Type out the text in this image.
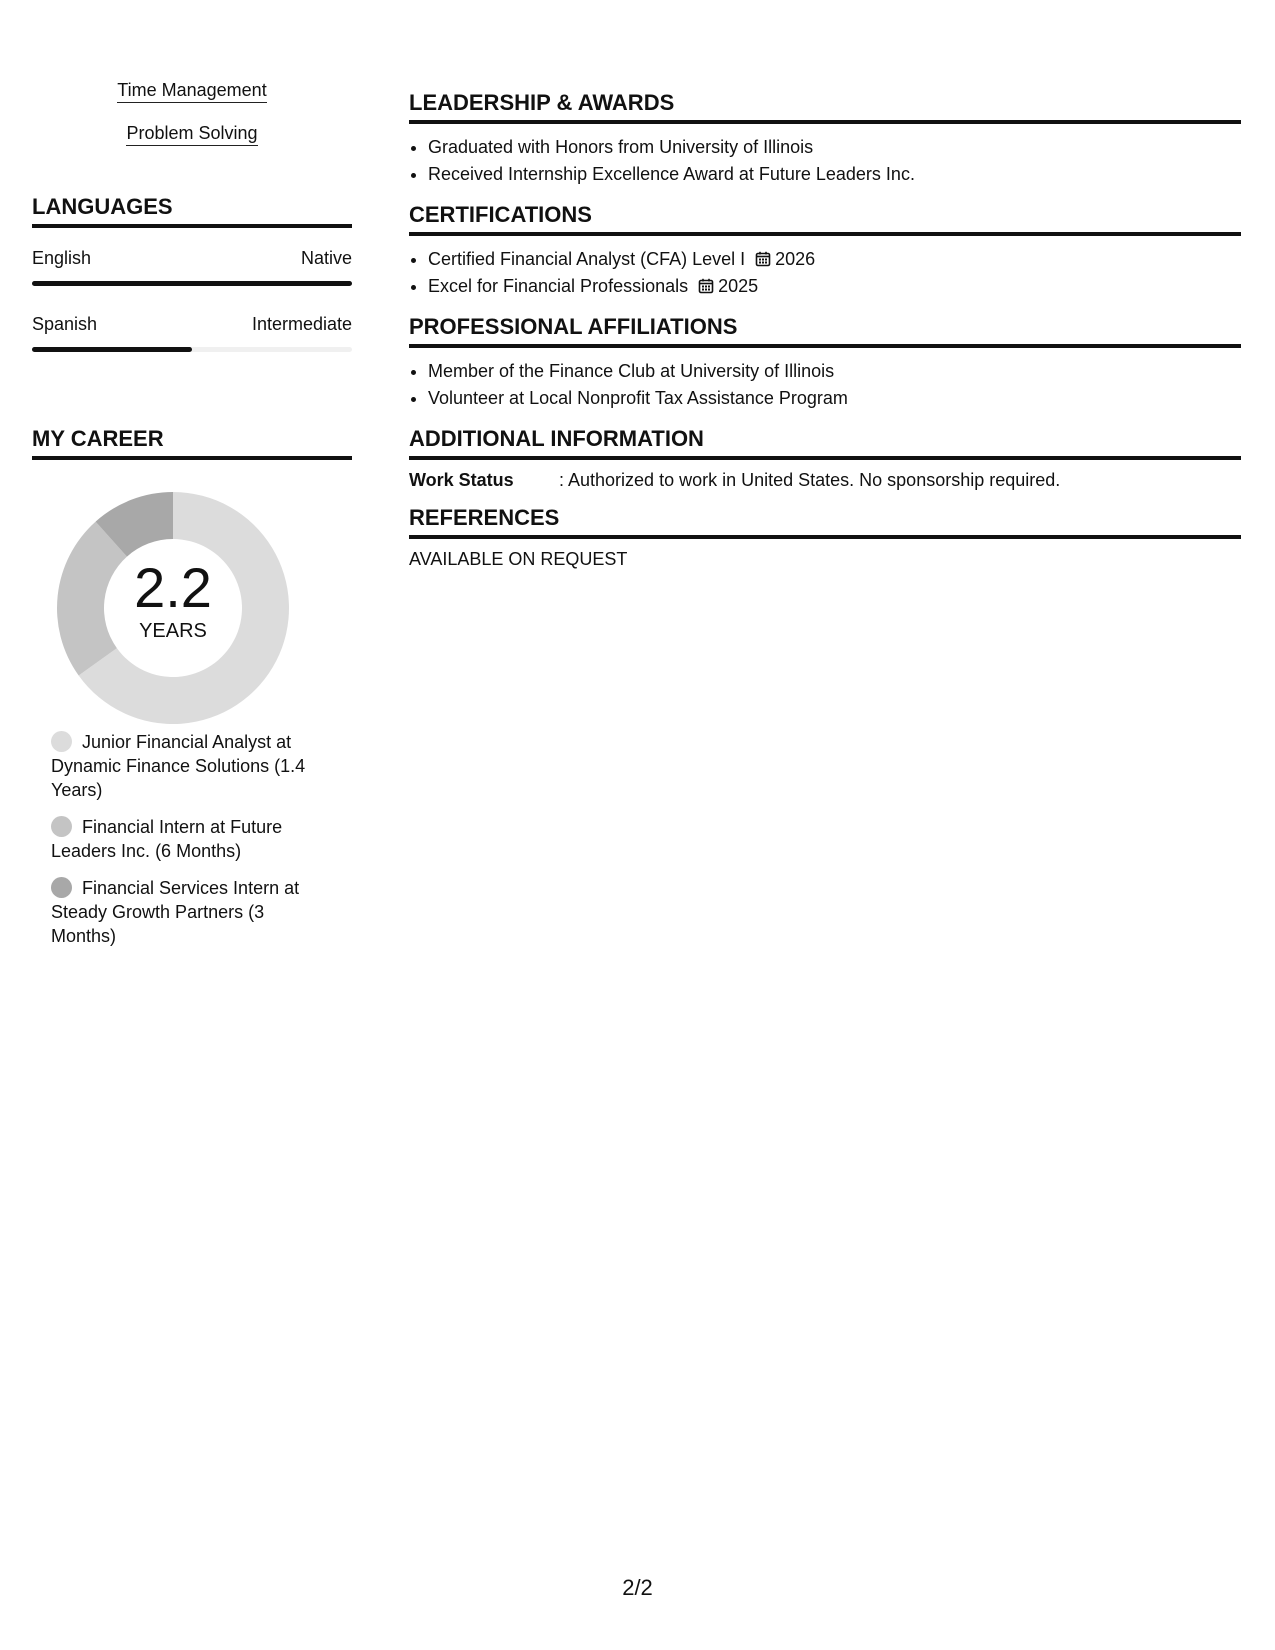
Time Management
Problem Solving
LANGUAGES
English	Native
Spanish	Intermediate
MY CAREER
2.2
YEARS
Junior Financial Analyst at Dynamic Finance Solutions (1.4 Years)
Financial Intern at Future Leaders Inc. (6 Months)
Financial Services Intern at Steady Growth Partners (3 Months)
LEADERSHIP & AWARDS
• Graduated with Honors from University of Illinois
• Received Internship Excellence Award at Future Leaders Inc.
CERTIFICATIONS
• Certified Financial Analyst (CFA) Level I 2026
• Excel for Financial Professionals 2025
PROFESSIONAL AFFILIATIONS
• Member of the Finance Club at University of Illinois
• Volunteer at Local Nonprofit Tax Assistance Program
ADDITIONAL INFORMATION
Work Status	: Authorized to work in United States. No sponsorship required.
REFERENCES
AVAILABLE ON REQUEST
2/2
